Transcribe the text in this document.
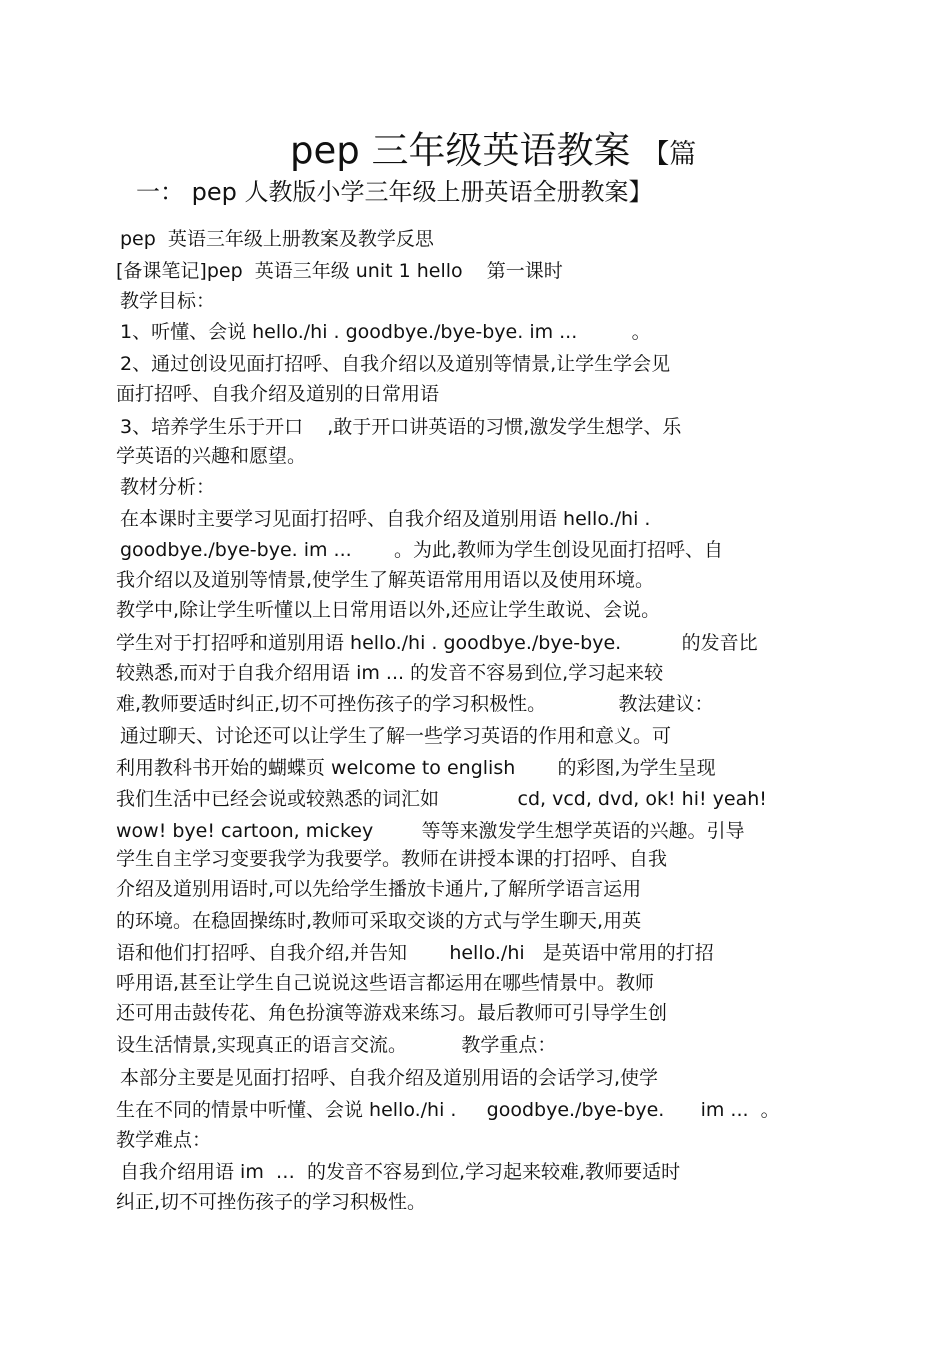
pep 三年级英语教案 【篇
一： pep 人教版小学三年级上册英语全册教案】
pep  英语三年级上册教案及教学反思
[备课笔记]pep  英语三年级 unit 1 hello    第一课时
教学目标：
1、听懂、会说 hello./hi . goodbye./bye-bye. im ...         。
2、通过创设见面打招呼、自我介绍以及道别等情景,让学生学会见
面打招呼、自我介绍及道别的日常用语
3、培养学生乐于开口    ,敢于开口讲英语的习惯,激发学生想学、乐
学英语的兴趣和愿望。
教材分析：
在本课时主要学习见面打招呼、自我介绍及道别用语 hello./hi .
goodbye./bye-bye. im ...       。为此,教师为学生创设见面打招呼、自
我介绍以及道别等情景,使学生了解英语常用用语以及使用环境。
教学中,除让学生听懂以上日常用语以外,还应让学生敢说、会说。
学生对于打招呼和道别用语 hello./hi . goodbye./bye-bye.          的发音比
较熟悉,而对于自我介绍用语 im ... 的发音不容易到位,学习起来较
难,教师要适时纠正,切不可挫伤孩子的学习积极性。            教法建议：
通过聊天、讨论还可以让学生了解一些学习英语的作用和意义。可
利用教科书开始的蝴蝶页 welcome to english       的彩图,为学生呈现
我们生活中已经会说或较熟悉的词汇如             cd, vcd, dvd, ok! hi! yeah!
wow! bye! cartoon, mickey        等等来激发学生想学英语的兴趣。引导
学生自主学习变要我学为我要学。教师在讲授本课的打招呼、自我
介绍及道别用语时,可以先给学生播放卡通片,了解所学语言运用
的环境。在稳固操练时,教师可采取交谈的方式与学生聊天,用英
语和他们打招呼、自我介绍,并告知       hello./hi   是英语中常用的打招
呼用语,甚至让学生自己说说这些语言都运用在哪些情景中。教师
还可用击鼓传花、角色扮演等游戏来练习。最后教师可引导学生创
设生活情景,实现真正的语言交流。         教学重点：
本部分主要是见面打招呼、自我介绍及道别用语的会话学习,使学
生在不同的情景中听懂、会说 hello./hi .     goodbye./bye-bye.      im ...  。
教学难点：
自我介绍用语 im  …  的发音不容易到位,学习起来较难,教师要适时
纠正,切不可挫伤孩子的学习积极性。
